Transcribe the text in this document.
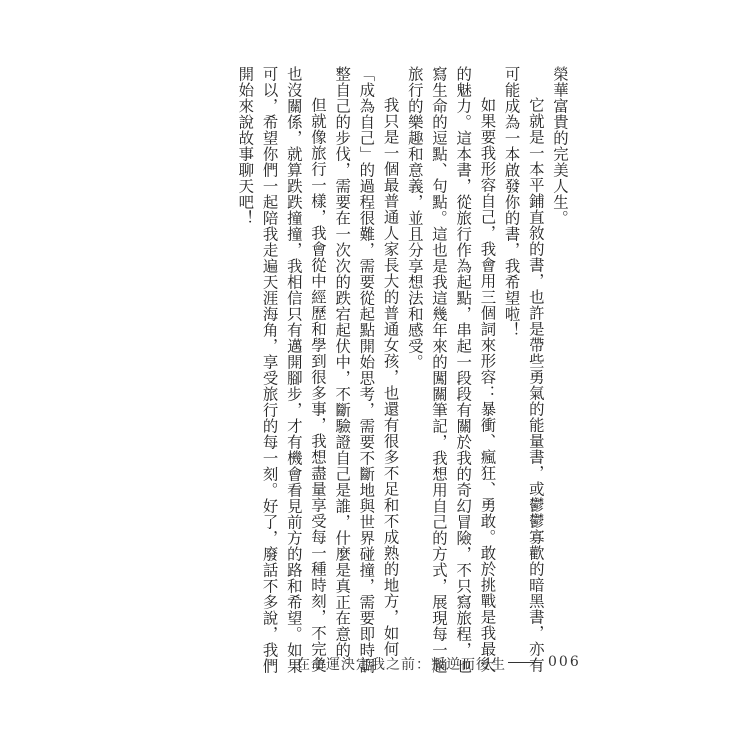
榮華富貴的完美人生。

它就是一本平鋪直敘的書，也許是帶些勇氣的能量書，或鬱鬱寡歡的暗黑書，亦有

可能成為一本啟發你的書，我希望啦！

如果要我形容自己，我會用三個詞來形容：暴衝、瘋狂、勇敢。敢於挑戰是我最大

的魅力。這本書，從旅行作為起點，串起一段段有關於我的奇幻冒險，不只寫旅程，也

寫生命的逗點、句點。這也是我這幾年來的闖關筆記，我想用自己的方式，展現每一趟

旅行的樂趣和意義，並且分享想法和感受。

我只是一個最普通人家長大的普通女孩，也還有很多不足和不成熟的地方，如何

「成為自己」的過程很難，需要從起點開始思考，需要不斷地與世界碰撞，需要即時調

整自己的步伐，需要在一次次的跌宕起伏中，不斷驗證自己是誰，什麼是真正在意的。

但就像旅行一樣，我會從中經歷和學到很多事，我想盡量享受每一種時刻，不完美

也沒關係，就算跌跌撞撞，我相信只有邁開腳步，才有機會看見前方的路和希望。如果

可以，希望你們一起陪我走遍天涯海角，享受旅行的每一刻。好了，廢話不多說，我們

開始來說故事聊天吧！

在命運決定我之前：叛逆而後生	006
